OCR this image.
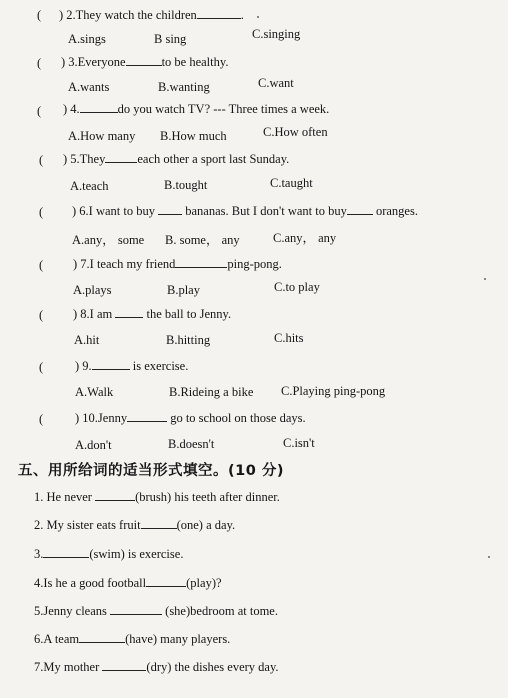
( ) 2.They watch the children	.
A.sings	B sing	C.singing
( ) 3.Everyone	to be healthy.
A.wants	B.wanting	C.want
( ) 4.	do you watch TV? --- Three times a week.
A.How many B.How much	C.How often
( ) 5.They	each other a sport last Sunday.
A.teach	B.tought	C.taught
( ) 6.I want to buy bananas. But I don't want to buy oranges.
A.any， some B. some， any	C.any， any
( ) 7.I teach my friend	ping-pong.
A.plays	B.play	C.to play
( ) 8.I am	the ball to Jenny.
A.hit	B.hitting	C.hits
(	) 9.	is exercise.
A.Walk	B.Rideing a bike C.Playing ping-pong
(	) 10.Jenny	go to school on those days.
A.don't	B.doesn't	C.isn't
五、用所给词的适当形式填空。(10 分)
1. He never	(brush) his teeth after dinner.
2. My sister eats fruit	(one) a day.
3.	(swim) is exercise.
4.Is he a good football	(play)?
5.Jenny cleans	(she)bedroom at tome.
6.A team	(have) many players.
7.My mother	(dry) the dishes every day.
